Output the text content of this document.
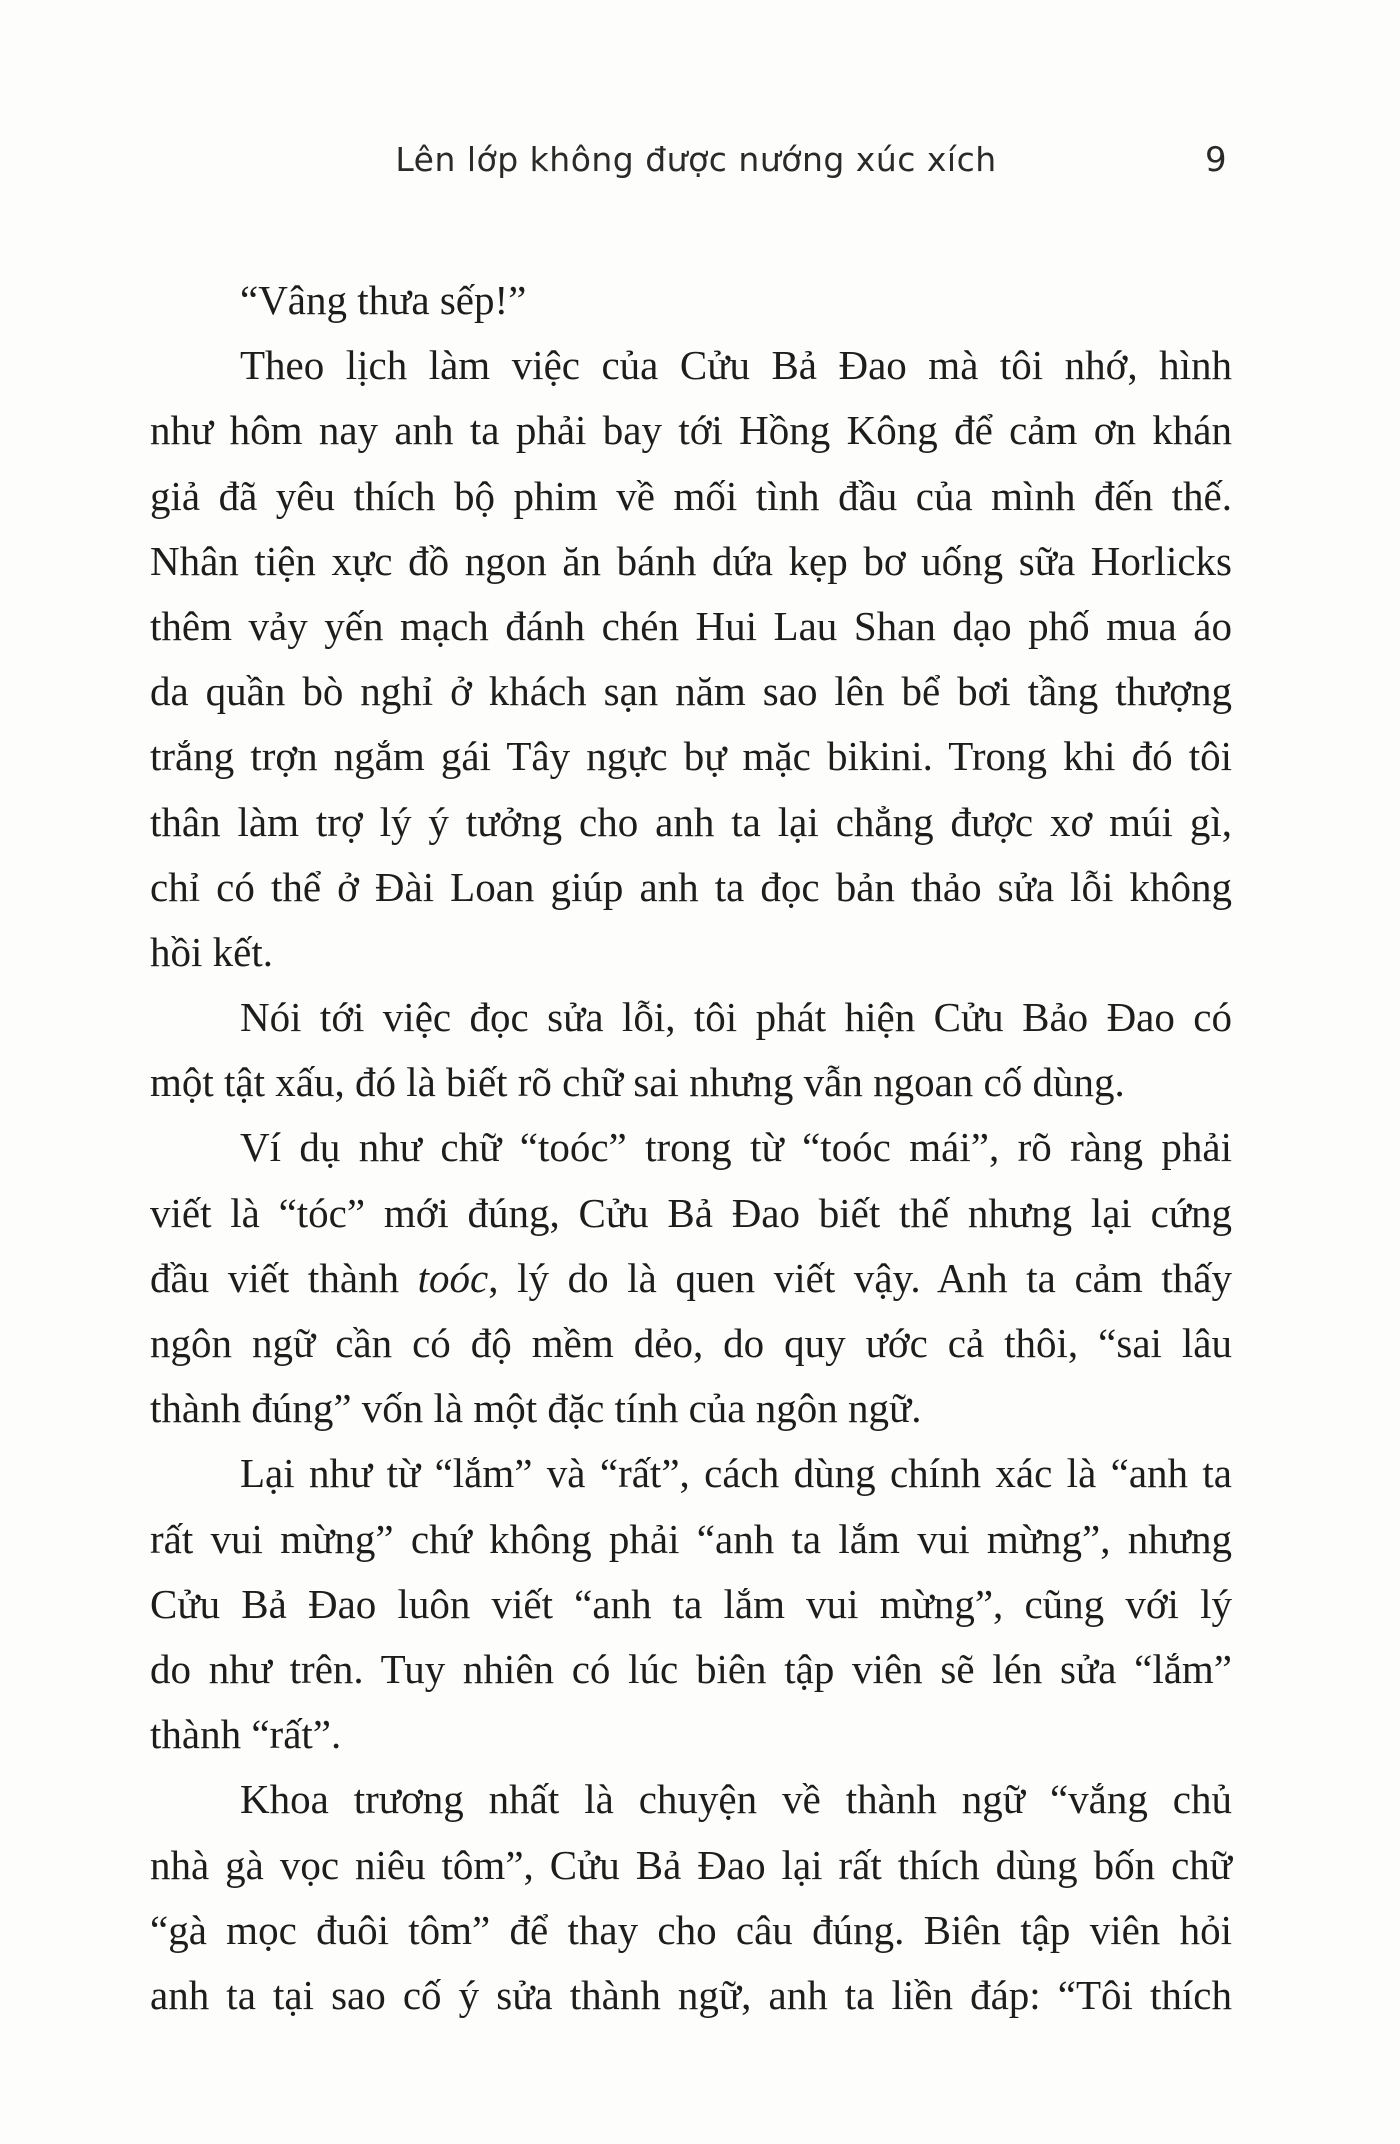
Lên lớp không được nướng xúc xích	9
“Vâng thưa sếp!”
Theo lịch làm việc của Cửu Bả Đao mà tôi nhớ, hình
như hôm nay anh ta phải bay tới Hồng Kông để cảm ơn khán
giả đã yêu thích bộ phim về mối tình đầu của mình đến thế.
Nhân tiện xực đồ ngon ăn bánh dứa kẹp bơ uống sữa Horlicks
thêm vảy yến mạch đánh chén Hui Lau Shan dạo phố mua áo
da quần bò nghỉ ở khách sạn năm sao lên bể bơi tầng thượng
trắng trợn ngắm gái Tây ngực bự mặc bikini. Trong khi đó tôi
thân làm trợ lý ý tưởng cho anh ta lại chẳng được xơ múi gì,
chỉ có thể ở Đài Loan giúp anh ta đọc bản thảo sửa lỗi không
hồi kết.
Nói tới việc đọc sửa lỗi, tôi phát hiện Cửu Bảo Đao có
một tật xấu, đó là biết rõ chữ sai nhưng vẫn ngoan cố dùng.
Ví dụ như chữ “toóc” trong từ “toóc mái”, rõ ràng phải
viết là “tóc” mới đúng, Cửu Bả Đao biết thế nhưng lại cứng
đầu viết thành toóc, lý do là quen viết vậy. Anh ta cảm thấy
ngôn ngữ cần có độ mềm dẻo, do quy ước cả thôi, “sai lâu
thành đúng” vốn là một đặc tính của ngôn ngữ.
Lại như từ “lắm” và “rất”, cách dùng chính xác là “anh ta
rất vui mừng” chứ không phải “anh ta lắm vui mừng”, nhưng
Cửu Bả Đao luôn viết “anh ta lắm vui mừng”, cũng với lý
do như trên. Tuy nhiên có lúc biên tập viên sẽ lén sửa “lắm”
thành “rất”.
Khoa trương nhất là chuyện về thành ngữ “vắng chủ
nhà gà vọc niêu tôm”, Cửu Bả Đao lại rất thích dùng bốn chữ
“gà mọc đuôi tôm” để thay cho câu đúng. Biên tập viên hỏi
anh ta tại sao cố ý sửa thành ngữ, anh ta liền đáp: “Tôi thích
